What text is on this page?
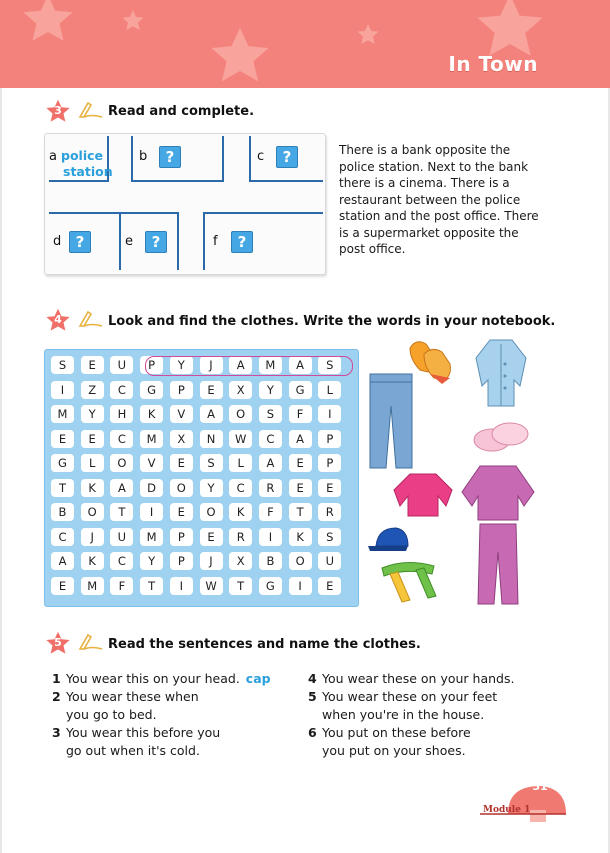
In Town
3	Read and complete.
a police
station
b	?	c	?
d ?	e	?	f	?
There is a bank opposite the police station. Next to the bank there is a cinema. There is a restaurant between the police station and the post office. There is a supermarket opposite the post office.
4	Look and find the clothes. Write the words in your notebook.
S	E	U	P	Y	J	A	M	A	S
I	Z	C	G	P	E	X	Y	G	L
M	Y	H	K	V	A	O	S	F	I
E	E	C	M	X	N	W	C	A	P
G	L	O	V	E	S	L	A	E	P
T	K	A	D	O	Y	C	R	E	E
B	O	T	I	E	O	K	F	T	R
C	J	U	M	P	E	R	I	K	S
A	K	C	Y	P	J	X	B	O	U
E	M	F	T	I	W	T	G	I	E
5	Read the sentences and name the clothes.
1 You wear this on your head. cap
2 You wear these when
you go to bed.
3 You wear this before you
go out when it's cold.
4 You wear these on your hands.
5 You wear these on your feet
when you're in the house.
6 You put on these before
you put on your shoes.
51
Module 1
